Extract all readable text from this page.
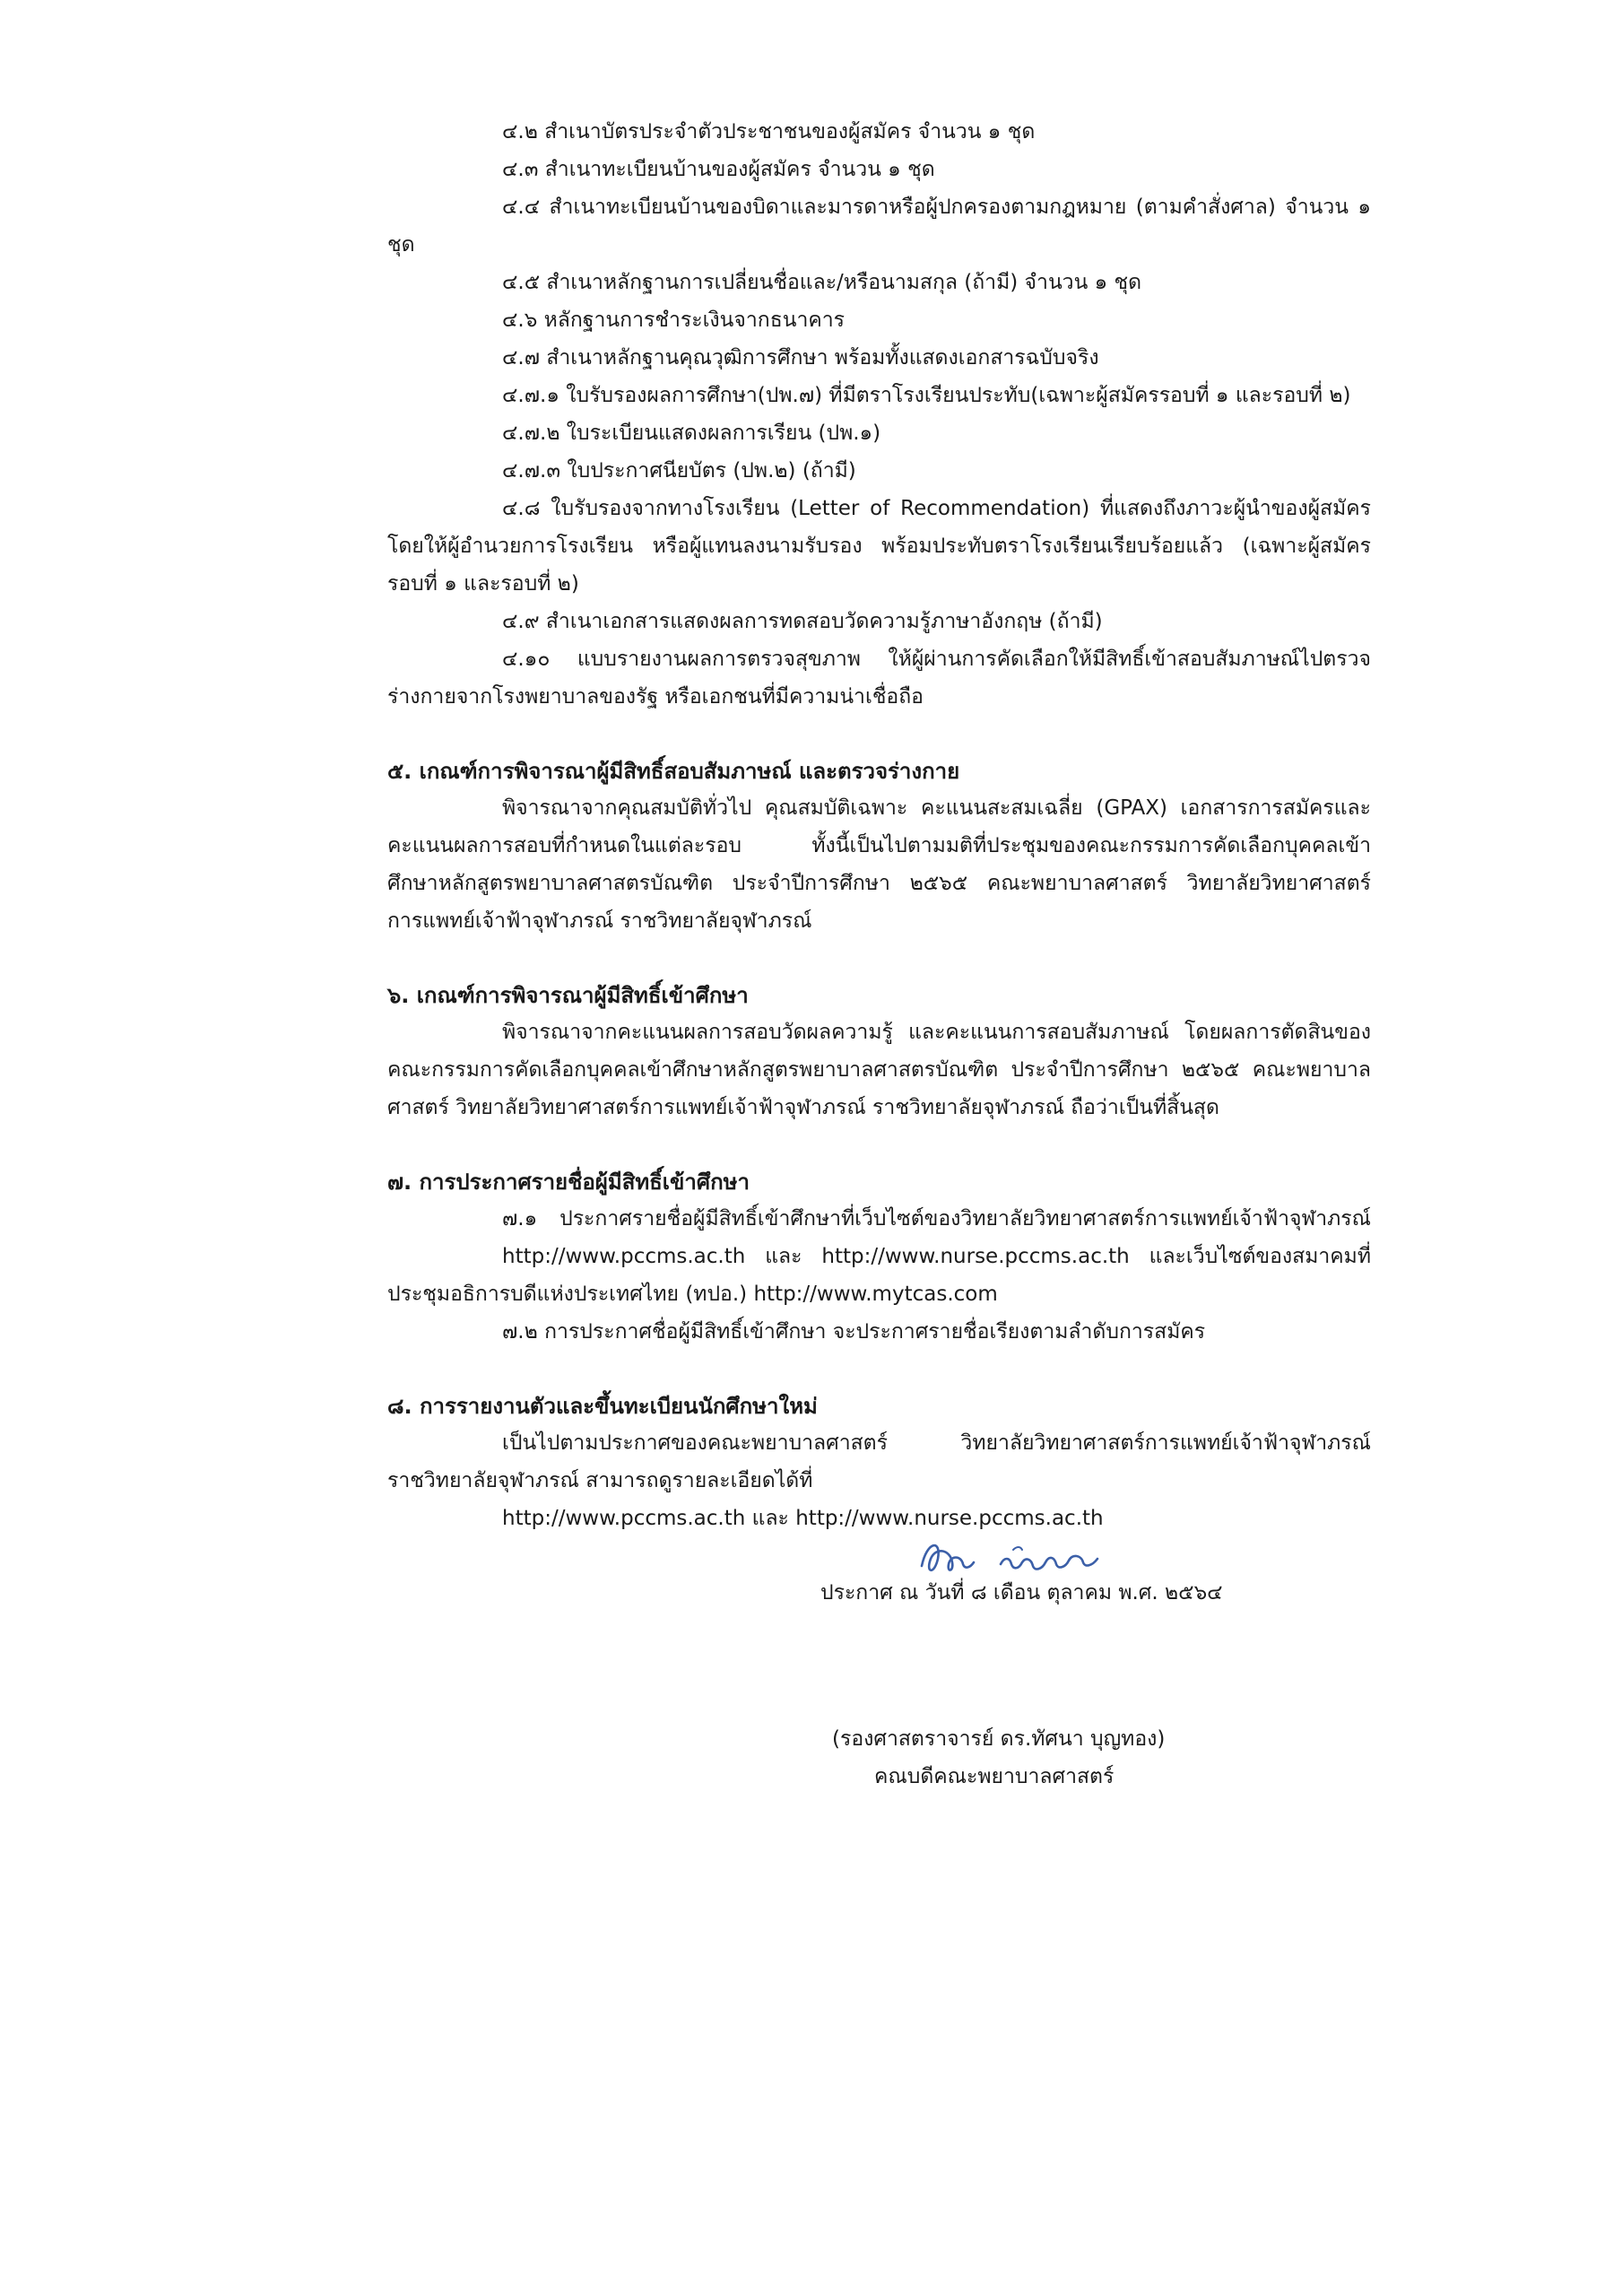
๔.๒ สำเนาบัตรประจำตัวประชาชนของผู้สมัคร จำนวน ๑ ชุด
๔.๓ สำเนาทะเบียนบ้านของผู้สมัคร จำนวน ๑ ชุด
๔.๔ สำเนาทะเบียนบ้านของบิดาและมารดาหรือผู้ปกครองตามกฎหมาย (ตามคำสั่งศาล) จำนวน ๑
ชุด
๔.๕ สำเนาหลักฐานการเปลี่ยนชื่อและ/หรือนามสกุล (ถ้ามี) จำนวน ๑ ชุด
๔.๖ หลักฐานการชำระเงินจากธนาคาร
๔.๗ สำเนาหลักฐานคุณวุฒิการศึกษา พร้อมทั้งแสดงเอกสารฉบับจริง
๔.๗.๑ ใบรับรองผลการศึกษา(ปพ.๗) ที่มีตราโรงเรียนประทับ(เฉพาะผู้สมัครรอบที่ ๑ และรอบที่ ๒)
๔.๗.๒ ใบระเบียนแสดงผลการเรียน (ปพ.๑)
๔.๗.๓ ใบประกาศนียบัตร (ปพ.๒) (ถ้ามี)
๔.๘ ใบรับรองจากทางโรงเรียน (Letter of Recommendation) ที่แสดงถึงภาวะผู้นำของผู้สมัคร
โดยให้ผู้อำนวยการโรงเรียน หรือผู้แทนลงนามรับรอง พร้อมประทับตราโรงเรียนเรียบร้อยแล้ว (เฉพาะผู้สมัคร
รอบที่ ๑ และรอบที่ ๒)
๔.๙ สำเนาเอกสารแสดงผลการทดสอบวัดความรู้ภาษาอังกฤษ (ถ้ามี)
๔.๑๐ แบบรายงานผลการตรวจสุขภาพ ให้ผู้ผ่านการคัดเลือกให้มีสิทธิ์เข้าสอบสัมภาษณ์ไปตรวจ
ร่างกายจากโรงพยาบาลของรัฐ หรือเอกชนที่มีความน่าเชื่อถือ
๕. เกณฑ์การพิจารณาผู้มีสิทธิ์สอบสัมภาษณ์ และตรวจร่างกาย
พิจารณาจากคุณสมบัติทั่วไป คุณสมบัติเฉพาะ คะแนนสะสมเฉลี่ย (GPAX) เอกสารการสมัครและ
คะแนนผลการสอบที่กำหนดในแต่ละรอบ ทั้งนี้เป็นไปตามมติที่ประชุมของคณะกรรมการคัดเลือกบุคคลเข้า
ศึกษาหลักสูตรพยาบาลศาสตรบัณฑิต ประจำปีการศึกษา ๒๕๖๕ คณะพยาบาลศาสตร์ วิทยาลัยวิทยาศาสตร์
การแพทย์เจ้าฟ้าจุฬาภรณ์ ราชวิทยาลัยจุฬาภรณ์
๖. เกณฑ์การพิจารณาผู้มีสิทธิ์เข้าศึกษา
พิจารณาจากคะแนนผลการสอบวัดผลความรู้ และคะแนนการสอบสัมภาษณ์ โดยผลการตัดสินของ
คณะกรรมการคัดเลือกบุคคลเข้าศึกษาหลักสูตรพยาบาลศาสตรบัณฑิต ประจำปีการศึกษา ๒๕๖๕ คณะพยาบาล
ศาสตร์ วิทยาลัยวิทยาศาสตร์การแพทย์เจ้าฟ้าจุฬาภรณ์ ราชวิทยาลัยจุฬาภรณ์ ถือว่าเป็นที่สิ้นสุด
๗. การประกาศรายชื่อผู้มีสิทธิ์เข้าศึกษา
๗.๑ ประกาศรายชื่อผู้มีสิทธิ์เข้าศึกษาที่เว็บไซต์ของวิทยาลัยวิทยาศาสตร์การแพทย์เจ้าฟ้าจุฬาภรณ์
http://www.pccms.ac.th และ http://www.nurse.pccms.ac.th และเว็บไซต์ของสมาคมที่
ประชุมอธิการบดีแห่งประเทศไทย (ทปอ.) http://www.mytcas.com
๗.๒ การประกาศชื่อผู้มีสิทธิ์เข้าศึกษา จะประกาศรายชื่อเรียงตามลำดับการสมัคร
๘. การรายงานตัวและขึ้นทะเบียนนักศึกษาใหม่
เป็นไปตามประกาศของคณะพยาบาลศาสตร์ วิทยาลัยวิทยาศาสตร์การแพทย์เจ้าฟ้าจุฬาภรณ์
ราชวิทยาลัยจุฬาภรณ์ สามารถดูรายละเอียดได้ที่
http://www.pccms.ac.th และ http://www.nurse.pccms.ac.th
ประกาศ ณ วันที่ ๘ เดือน ตุลาคม พ.ศ. ๒๕๖๔
(รองศาสตราจารย์ ดร.ทัศนา บุญทอง)
คณบดีคณะพยาบาลศาสตร์
